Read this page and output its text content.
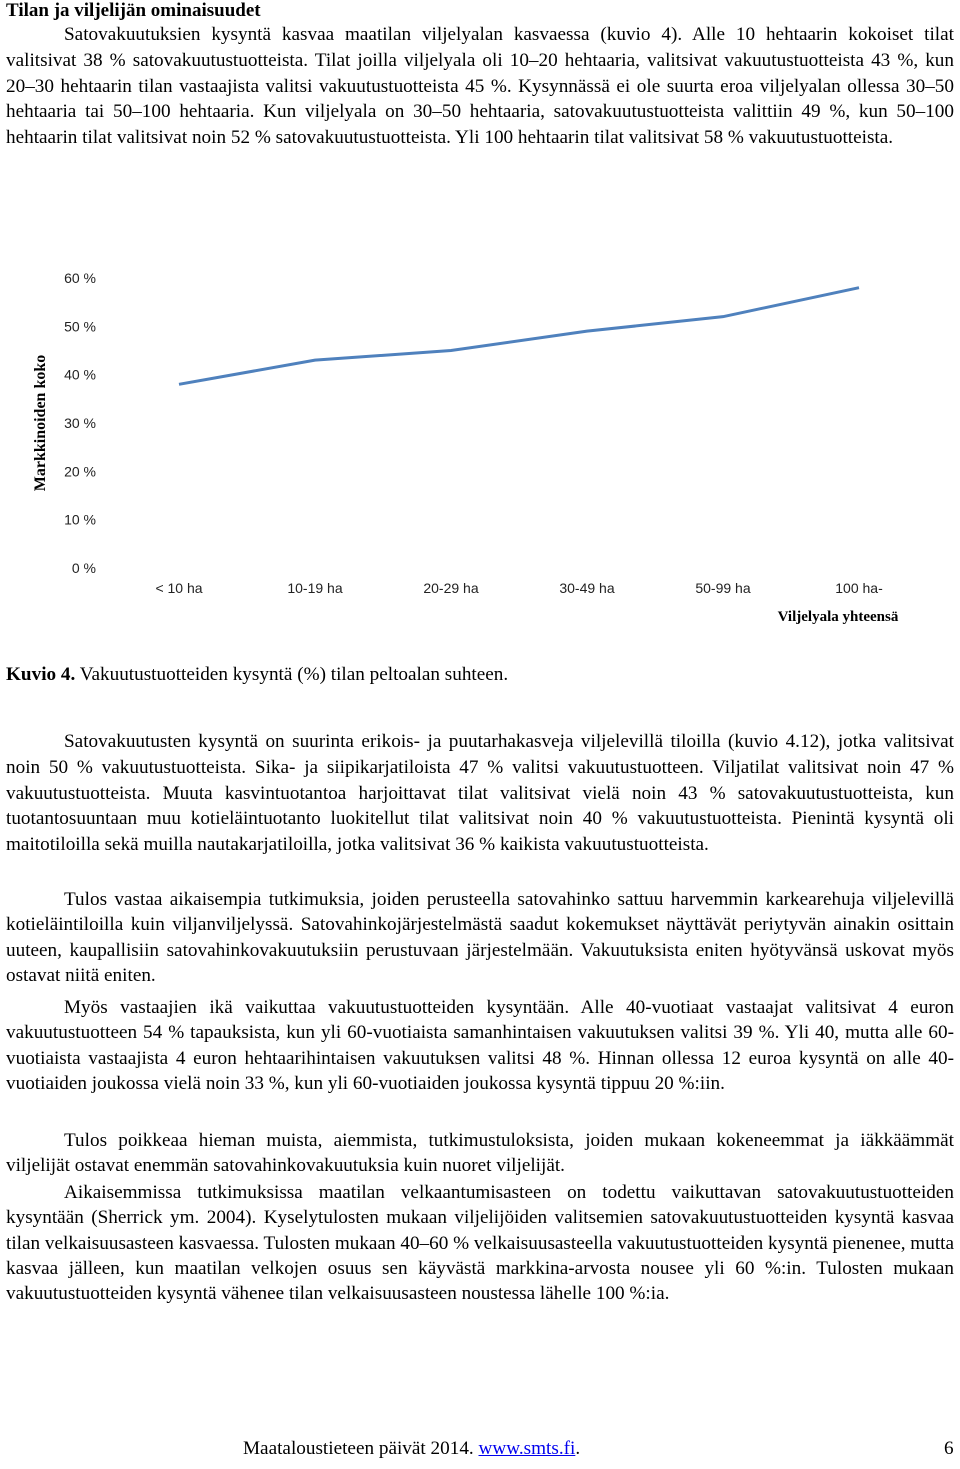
Tilan ja viljelijän ominaisuudet

Satovakuutuksien kysyntä kasvaa maatilan viljelyalan kasvaessa (kuvio 4). Alle 10 hehtaarin kokoiset tilat valitsivat 38 % satovakuutustuotteista. Tilat joilla viljelyala oli 10–20 hehtaaria, valitsivat vakuutustuotteista 43 %, kun 20–30 hehtaarin tilan vastaajista valitsi vakuutustuotteista 45 %. Kysynnässä ei ole suurta eroa viljelyalan ollessa 30–50 hehtaaria tai 50–100 hehtaaria. Kun viljelyala on 30–50 hehtaaria, satovakuutustuotteista valittiin 49 %, kun 50–100 hehtaarin tilat valitsivat noin 52 % satovakuutustuotteista. Yli 100 hehtaarin tilat valitsivat 58 % vakuutustuotteista.

0 %
10 %
20 %
30 %
40 %
50 %
60 %
< 10 ha	10-19 ha	20-29 ha	30-49 ha	50-99 ha	100 ha-
Markkinoiden koko
Viljelyala yhteensä

Kuvio 4. Vakuutustuotteiden kysyntä (%) tilan peltoalan suhteen.

Satovakuutusten kysyntä on suurinta erikois- ja puutarhakasveja viljelevillä tiloilla (kuvio 4.12), jotka valitsivat noin 50 % vakuutustuotteista. Sika- ja siipikarjatiloista 47 % valitsi vakuutustuotteen. Viljatilat valitsivat noin 47 % vakuutustuotteista. Muuta kasvintuotantoa harjoittavat tilat valitsivat vielä noin 43 % satovakuutustuotteista, kun tuotantosuuntaan muu kotieläintuotanto luokitellut tilat valitsivat noin 40 % vakuutustuotteista. Pienintä kysyntä oli maitotiloilla sekä muilla nautakarjatiloilla, jotka valitsivat 36 % kaikista vakuutustuotteista.

Tulos vastaa aikaisempia tutkimuksia, joiden perusteella satovahinko sattuu harvemmin karkearehuja viljelevillä kotieläintiloilla kuin viljanviljelyssä. Satovahinkojärjestelmästä saadut kokemukset näyttävät periytyvän ainakin osittain uuteen, kaupallisiin satovahinkovakuutuksiin perustuvaan järjestelmään. Vakuutuksista eniten hyötyvänsä uskovat myös ostavat niitä eniten.

Myös vastaajien ikä vaikuttaa vakuutustuotteiden kysyntään. Alle 40-vuotiaat vastaajat valitsivat 4 euron vakuutustuotteen 54 % tapauksista, kun yli 60-vuotiaista samanhintaisen vakuutuksen valitsi 39 %. Yli 40, mutta alle 60-vuotiaista vastaajista 4 euron hehtaarihintaisen vakuutuksen valitsi 48 %. Hinnan ollessa 12 euroa kysyntä on alle 40-vuotiaiden joukossa vielä noin 33 %, kun yli 60-vuotiaiden joukossa kysyntä tippuu 20 %:iin.

Tulos poikkeaa hieman muista, aiemmista, tutkimustuloksista, joiden mukaan kokeneemmat ja iäkkäämmät viljelijät ostavat enemmän satovahinkovakuutuksia kuin nuoret viljelijät.

Aikaisemmissa tutkimuksissa maatilan velkaantumisasteen on todettu vaikuttavan satovakuutustuotteiden kysyntään (Sherrick ym. 2004). Kyselytulosten mukaan viljelijöiden valitsemien satovakuutustuotteiden kysyntä kasvaa tilan velkaisuusasteen kasvaessa. Tulosten mukaan 40–60 % velkaisuusasteella vakuutustuotteiden kysyntä pienenee, mutta kasvaa jälleen, kun maatilan velkojen osuus sen käyvästä markkina-arvosta nousee yli 60 %:in. Tulosten mukaan vakuutustuotteiden kysyntä vähenee tilan velkaisuusasteen noustessa lähelle 100 %:ia.

Maataloustieteen päivät 2014. www.smts.fi.	6
